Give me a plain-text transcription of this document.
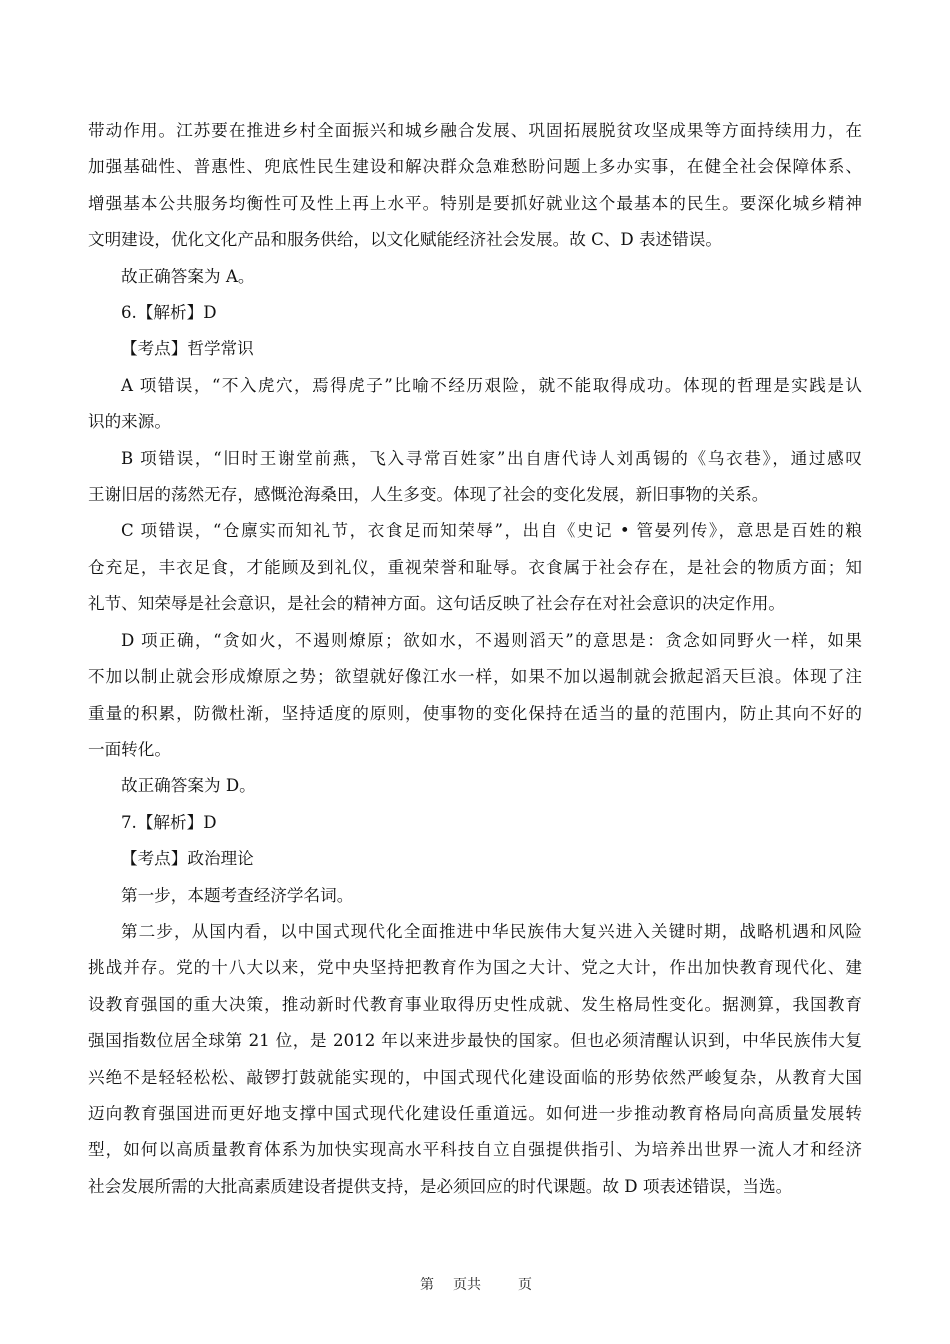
带动作用。江苏要在推进乡村全面振兴和城乡融合发展、巩固拓展脱贫攻坚成果等方面持续用力，在
加强基础性、普惠性、兜底性民生建设和解决群众急难愁盼问题上多办实事，在健全社会保障体系、
增强基本公共服务均衡性可及性上再上水平。特别是要抓好就业这个最基本的民生。要深化城乡精神
文明建设，优化文化产品和服务供给，以文化赋能经济社会发展。故 C、D 表述错误。
故正确答案为 A。
6.【解析】D
【考点】哲学常识
A 项错误，“不入虎穴，焉得虎子”比喻不经历艰险，就不能取得成功。体现的哲理是实践是认
识的来源。
B 项错误，“旧时王谢堂前燕，飞入寻常百姓家”出自唐代诗人刘禹锡的《乌衣巷》，通过感叹
王谢旧居的荡然无存，感慨沧海桑田，人生多变。体现了社会的变化发展，新旧事物的关系。
C 项错误，“仓廪实而知礼节，衣食足而知荣辱”，出自《史记 • 管晏列传》，意思是百姓的粮
仓充足，丰衣足食，才能顾及到礼仪，重视荣誉和耻辱。衣食属于社会存在，是社会的物质方面；知
礼节、知荣辱是社会意识，是社会的精神方面。这句话反映了社会存在对社会意识的决定作用。
D 项正确，“贪如火，不遏则燎原；欲如水，不遏则滔天”的意思是：贪念如同野火一样，如果
不加以制止就会形成燎原之势；欲望就好像江水一样，如果不加以遏制就会掀起滔天巨浪。体现了注
重量的积累，防微杜渐，坚持适度的原则，使事物的变化保持在适当的量的范围内，防止其向不好的
一面转化。
故正确答案为 D。
7.【解析】D
【考点】政治理论
第一步，本题考查经济学名词。
第二步，从国内看，以中国式现代化全面推进中华民族伟大复兴进入关键时期，战略机遇和风险
挑战并存。党的十八大以来，党中央坚持把教育作为国之大计、党之大计，作出加快教育现代化、建
设教育强国的重大决策，推动新时代教育事业取得历史性成就、发生格局性变化。据测算，我国教育
强国指数位居全球第 21 位，是 2012 年以来进步最快的国家。但也必须清醒认识到，中华民族伟大复
兴绝不是轻轻松松、敲锣打鼓就能实现的，中国式现代化建设面临的形势依然严峻复杂，从教育大国
迈向教育强国进而更好地支撑中国式现代化建设任重道远。如何进一步推动教育格局向高质量发展转
型，如何以高质量教育体系为加快实现高水平科技自立自强提供指引、为培养出世界一流人才和经济
社会发展所需的大批高素质建设者提供支持，是必须回应的时代课题。故 D 项表述错误，当选。
第 页共	页
